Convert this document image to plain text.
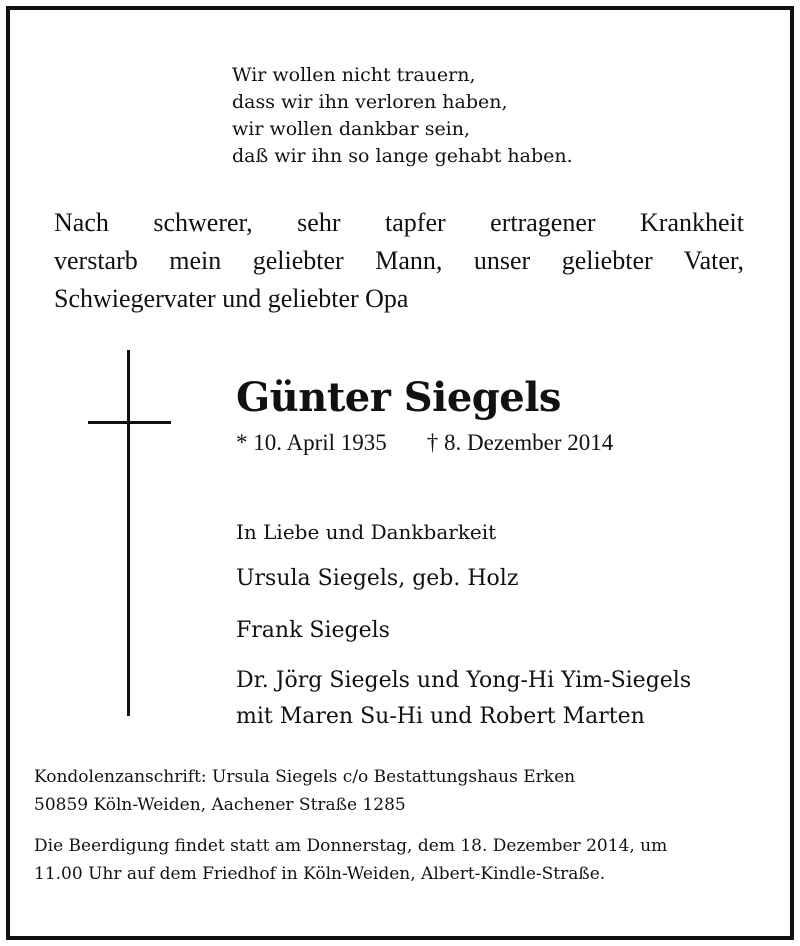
Wir wollen nicht trauern,
dass wir ihn verloren haben,
wir wollen dankbar sein,
daß wir ihn so lange gehabt haben.
Nach schwerer, sehr tapfer ertragener Krankheit
verstarb mein geliebter Mann, unser geliebter Vater,
Schwiegervater und geliebter Opa
Günter Siegels
* 10. April 1935 † 8. Dezember 2014
In Liebe und Dankbarkeit
Ursula Siegels, geb. Holz
Frank Siegels
Dr. Jörg Siegels und Yong-Hi Yim-Siegels
mit Maren Su-Hi und Robert Marten
Kondolenzanschrift: Ursula Siegels c/o Bestattungshaus Erken
50859 Köln-Weiden, Aachener Straße 1285
Die Beerdigung findet statt am Donnerstag, dem 18. Dezember 2014, um
11.00 Uhr auf dem Friedhof in Köln-Weiden, Albert-Kindle-Straße.
